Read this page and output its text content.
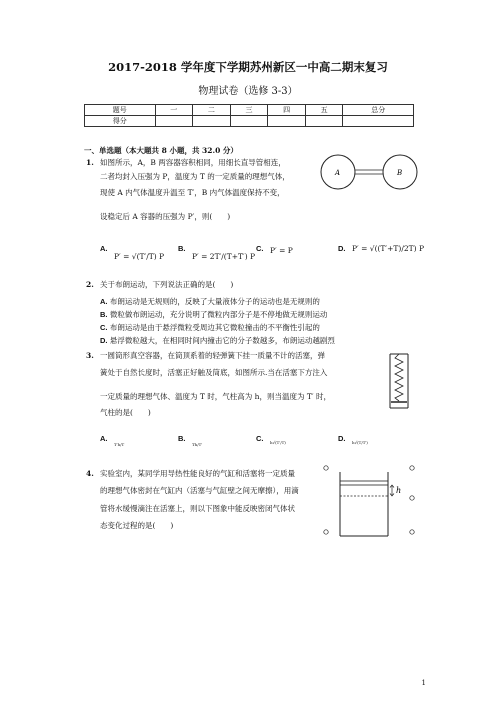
2017-2018 学年度下学期苏州新区一中高二期末复习
物理试卷（选修 3-3）
题号	一	二	三	四	五	总分
得分						
一、单选题（本大题共 8 小题，共 32.0 分）
1. 如图所示，A，B 两容器容积相同，用细长直导管相连，
二者均封入压强为 P，温度为 T 的一定质量的理想气体，
现使 A 内气体温度升温至 T′，B 内气体温度保持不变，
设稳定后 A 容器的压强为 P′，则(　　)
A	B
A.
P′ = √(T′/T) P
B.
P′ = 2T′/(T+T′) P
C. P′ = P	D. P′ = √((T′+T)/2T) P
2. 关于布朗运动，下列说法正确的是(　　)
A. 布朗运动是无规则的，反映了大量液体分子的运动也是无规则的
B. 微粒做布朗运动，充分说明了微粒内部分子是不停地做无规则运动
C. 布朗运动是由于悬浮微粒受周边其它微粒撞击的不平衡性引起的
D. 悬浮微粒越大，在相同时间内撞击它的分子数越多，布朗运动越剧烈
3. 一圆筒形真空容器，在筒顶系着的轻弹簧下挂一质量不计的活塞，弹
簧处于自然长度时，活塞正好触及筒底，如图所示.当在活塞下方注入
一定质量的理想气体、温度为 T 时，气柱高为 h，则当温度为 T′ 时，
气柱的是(　　)
A.
T′h/T
B.
Th/T′
C. h√(T′/T)	D. h√(T/T′)
4. 实验室内，某同学用导热性能良好的气缸和活塞将一定质量
的理想气体密封在气缸内（活塞与气缸壁之间无摩擦），用滴
管将水缓慢滴注在活塞上，则以下图象中能反映密闭气体状
态变化过程的是(　　)
h
1
